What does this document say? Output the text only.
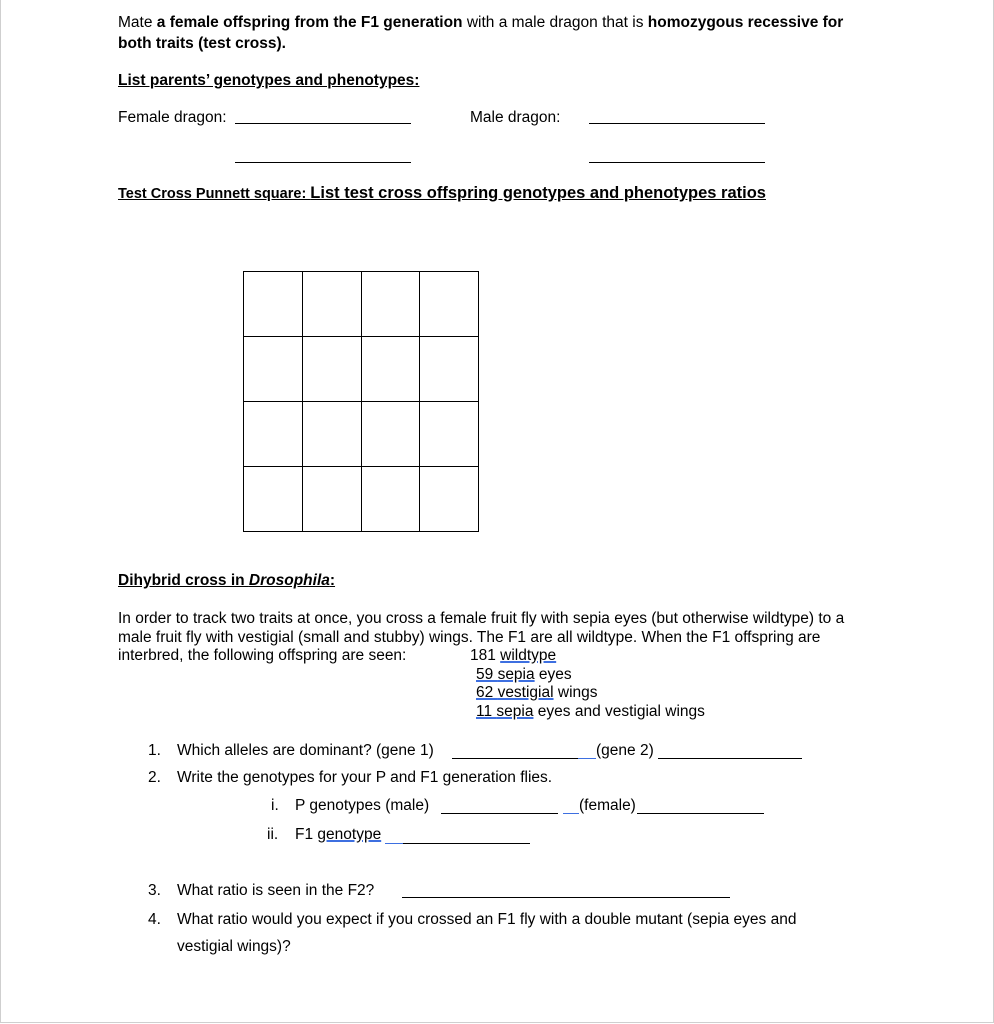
Mate a female offspring from the F1 generation with a male dragon that is homozygous recessive for
both traits (test cross).
List parents’ genotypes and phenotypes:
Female dragon:	Male dragon:
Test Cross Punnett square: List test cross offspring genotypes and phenotypes ratios

Dihybrid cross in Drosophila:
In order to track two traits at once, you cross a female fruit fly with sepia eyes (but otherwise wildtype) to a
male fruit fly with vestigial (small and stubby) wings. The F1 are all wildtype. When the F1 offspring are
interbred, the following offspring are seen:	181 wildtype
59 sepia eyes
62 vestigial wings
11 sepia eyes and vestigial wings
1. Which alleles are dominant? (gene 1)	(gene 2)
2. Write the genotypes for your P and F1 generation flies.
i. P genotypes (male)	(female)
ii. F1 genotype
3. What ratio is seen in the F2?
4. What ratio would you expect if you crossed an F1 fly with a double mutant (sepia eyes and
vestigial wings)?
